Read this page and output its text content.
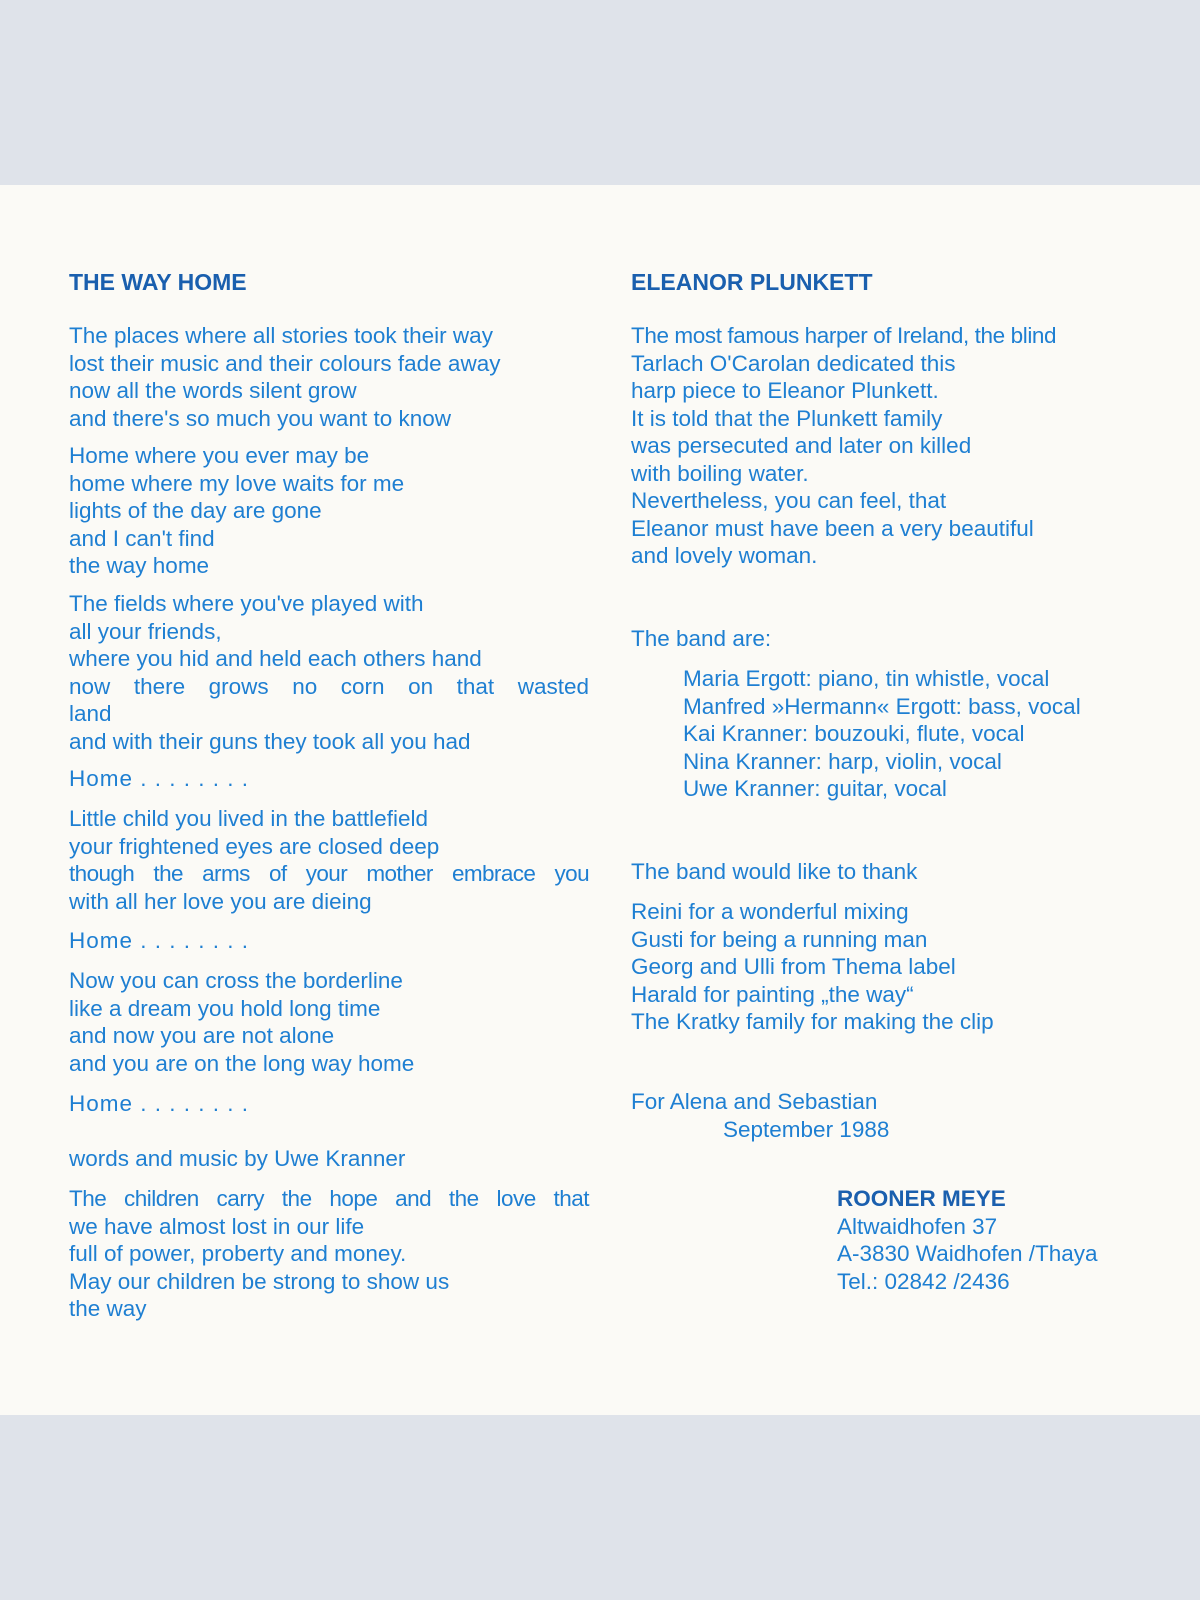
THE WAY HOME
The places where all stories took their way
lost their music and their colours fade away
now all the words silent grow
and there's so much you want to know
Home where you ever may be
home where my love waits for me
lights of the day are gone
and I can't find
the way home
The fields where you've played with
all your friends,
where you hid and held each others hand
now there grows no corn on that wasted
land
and with their guns they took all you had
Home . . . . . . . .
Little child you lived in the battlefield
your frightened eyes are closed deep
though the arms of your mother embrace you
with all her love you are dieing
Home . . . . . . . .
Now you can cross the borderline
like a dream you hold long time
and now you are not alone
and you are on the long way home
Home . . . . . . . .
words and music by Uwe Kranner
The children carry the hope and the love that
we have almost lost in our life
full of power, proberty and money.
May our children be strong to show us
the way
ELEANOR PLUNKETT
The most famous harper of Ireland, the blind
Tarlach O'Carolan dedicated this
harp piece to Eleanor Plunkett.
It is told that the Plunkett family
was persecuted and later on killed
with boiling water.
Nevertheless, you can feel, that
Eleanor must have been a very beautiful
and lovely woman.
The band are:
Maria Ergott: piano, tin whistle, vocal
Manfred »Hermann« Ergott: bass, vocal
Kai Kranner: bouzouki, flute, vocal
Nina Kranner: harp, violin, vocal
Uwe Kranner: guitar, vocal
The band would like to thank
Reini for a wonderful mixing
Gusti for being a running man
Georg and Ulli from Thema label
Harald for painting „the way“
The Kratky family for making the clip
For Alena and Sebastian
September 1988
ROONER MEYE
Altwaidhofen 37
A-3830 Waidhofen /Thaya
Tel.: 02842 /2436
